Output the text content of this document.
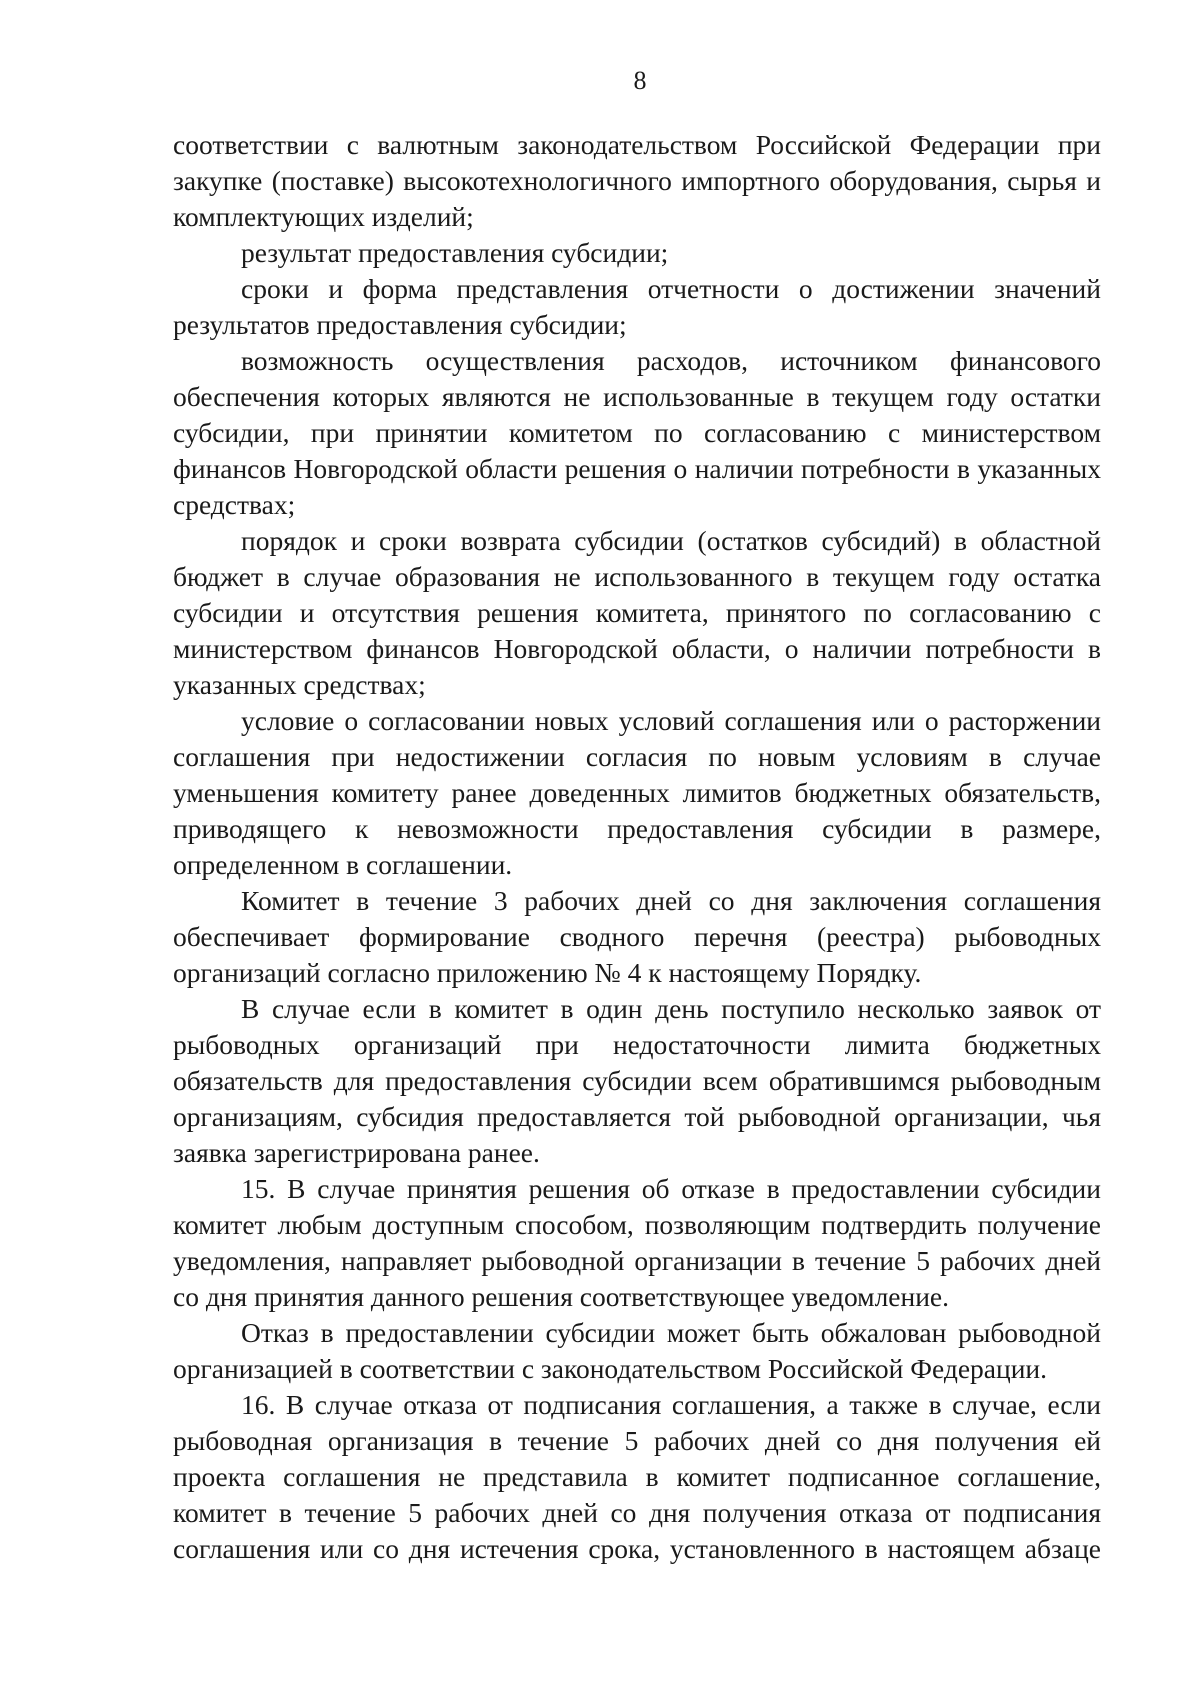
8

соответствии с валютным законодательством Российской Федерации при закупке (поставке) высокотехнологичного импортного оборудования, сырья и комплектующих изделий;

результат предоставления субсидии;

сроки и форма представления отчетности о достижении значений результатов предоставления субсидии;

возможность осуществления расходов, источником финансового обеспечения которых являются не использованные в текущем году остатки субсидии, при принятии комитетом по согласованию с министерством финансов Новгородской области решения о наличии потребности в указанных средствах;

порядок и сроки возврата субсидии (остатков субсидий) в областной бюджет в случае образования не использованного в текущем году остатка субсидии и отсутствия решения комитета, принятого по согласованию с министерством финансов Новгородской области, о наличии потребности в указанных средствах;

условие о согласовании новых условий соглашения или о расторжении соглашения при недостижении согласия по новым условиям в случае уменьшения комитету ранее доведенных лимитов бюджетных обязательств, приводящего к невозможности предоставления субсидии в размере, определенном в соглашении.

Комитет в течение 3 рабочих дней со дня заключения соглашения обеспечивает формирование сводного перечня (реестра) рыбоводных организаций согласно приложению № 4 к настоящему Порядку.

В случае если в комитет в один день поступило несколько заявок от рыбоводных организаций при недостаточности лимита бюджетных обязательств для предоставления субсидии всем обратившимся рыбоводным организациям, субсидия предоставляется той рыбоводной организации, чья заявка зарегистрирована ранее.

15. В случае принятия решения об отказе в предоставлении субсидии комитет любым доступным способом, позволяющим подтвердить получение уведомления, направляет рыбоводной организации в течение 5 рабочих дней со дня принятия данного решения соответствующее уведомление.

Отказ в предоставлении субсидии может быть обжалован рыбоводной организацией в соответствии с законодательством Российской Федерации.

16. В случае отказа от подписания соглашения, а также в случае, если рыбоводная организация в течение 5 рабочих дней со дня получения ей проекта соглашения не представила в комитет подписанное соглашение, комитет в течение 5 рабочих дней со дня получения отказа от подписания соглашения или со дня истечения срока, установленного в настоящем абзаце
